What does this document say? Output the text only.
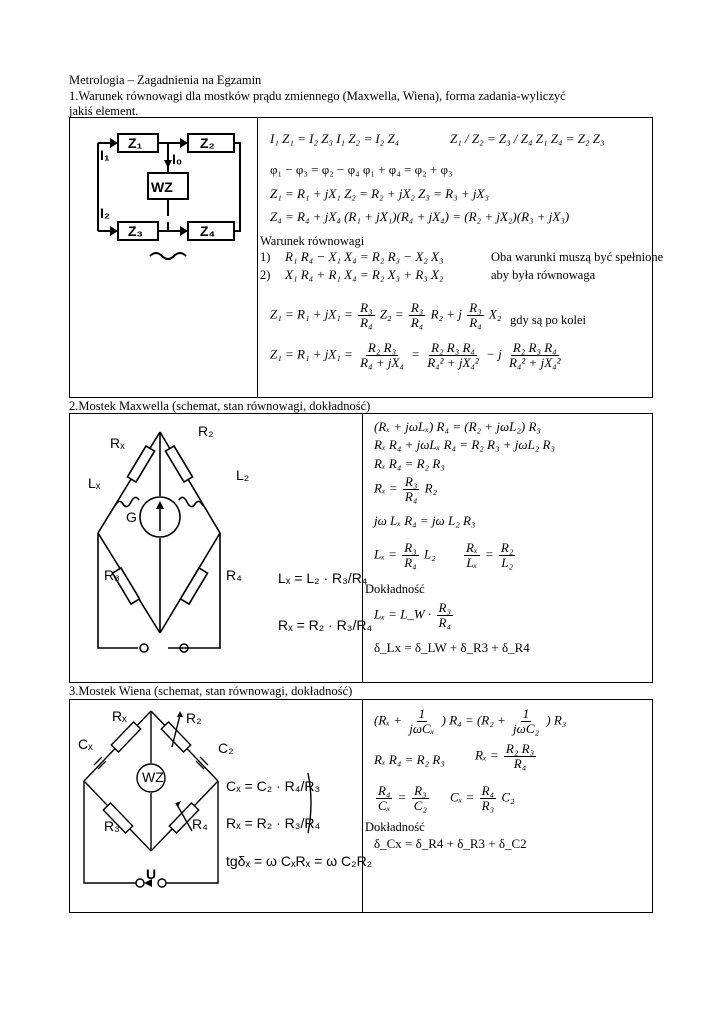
Metrologia – Zagadnienia na Egzamin
1.Warunek równowagi dla mostków prądu zmiennego (Maxwella, Wiena), forma zadania-wyliczyć
jakiś element.
Z₁	Z₂
Z₃	Z₄
WZ
I₁	I₀
I₂
I₁ Z₁ = I₂ Z₃ I₁ Z₂ = I₂ Z₄	Z₁ / Z₂ = Z₃ / Z₄ Z₁ Z₄ = Z₂ Z₃
φ₁ − φ₃ = φ₂ − φ₄ φ₁ + φ₄ = φ₂ + φ₃
Z₁ = R₁ + jX₁ Z₂ = R₂ + jX₂ Z₃ = R₃ + jX₃
Z₄ = R₄ + jX₄ (R₁ + jX₁)(R₄ + jX₄) = (R₂ + jX₂)(R₃ + jX₃)
Warunek równowagi
1) R₁ R₄ − X₁ X₄ = R₂ R₃ − X₂ X₃	Oba warunki muszą być spełnione
2) X₁ R₄ + R₁ X₄ = R₂ X₃ + R₃ X₂	aby była równowaga
$Z_1 = R_1 + jX_1 = \frac{\text{R₃}}{\text{R₄}} Z_2 = \frac{\text{R₃}}{\text{R₄}} R_2 + j \frac{\text{R₃}}{\text{R₄}} X_2$ gdy są po kolei
$Z_1 = R_1 + jX_1 = \frac{\text{R₂ R₃}}{\text{R₄ + jX₄}} = \frac{\text{R₂ R₃ R₄}}{\text{R₄² + jX₄²}} - j \frac{\text{R₂ R₃ R₄}}{\text{R₄² + jX₄²}}$
2.Mostek Maxwella (schemat, stan równowagi, dokładność)
Rₓ
R₂
Lₓ	L₂
G
R₃	R₄	Lₓ = L₂ · R₃/R₄
Rₓ = R₂ · R₃/R₄
(Rₓ + jωLₓ) R₄ = (R₂ + jωL₂) R₃
Rₓ R₄ + jωLₓ R₄ = R₂ R₃ + jωL₂ R₃
Rₓ R₄ = R₂ R₃
$R_x = \frac{\text{R₃}}{\text{R₄}} R_2$
jω Lₓ R₄ = jω L₂ R₃
$L_x = \frac{\text{R₃}}{\text{R₄}} L_2 \frac{\text{Rₓ}}{\text{Lₓ}} = \frac{\text{R₂}}{\text{L₂}}$
Dokładność
Lₓ = L_W · $\frac{\text{R₃}}{\text{R₄}}$
δ_Lx = δ_LW + δ_R3 + δ_R4
3.Mostek Wiena (schemat, stan równowagi, dokładność)
Rₓ	R₂
Cₓ	C₂
WZ
R₃	R₄
U
Cₓ = C₂ · R₄/R₃
Rₓ = R₂ · R₃/R₄
tgδₓ = ω CₓRₓ = ω C₂R₂
($R_x + \frac{1}{\text{jωCₓ}}$ ) $R_4 = (R_2 + \frac{1}{\text{jωC₂}}$ ) R₃
Rₓ R₄ = R₂ R₃ $R_x = \frac{\text{R₂ R₃}}{\text{R₄}}$
$\frac{\text{R₄}}{\text{Cₓ}} = \frac{\text{R₃}}{\text{C₂}}$ $C_x = \frac{\text{R₄}}{\text{R₃}} C_2$
Dokładność
δ_Cx = δ_R4 + δ_R3 + δ_C2
